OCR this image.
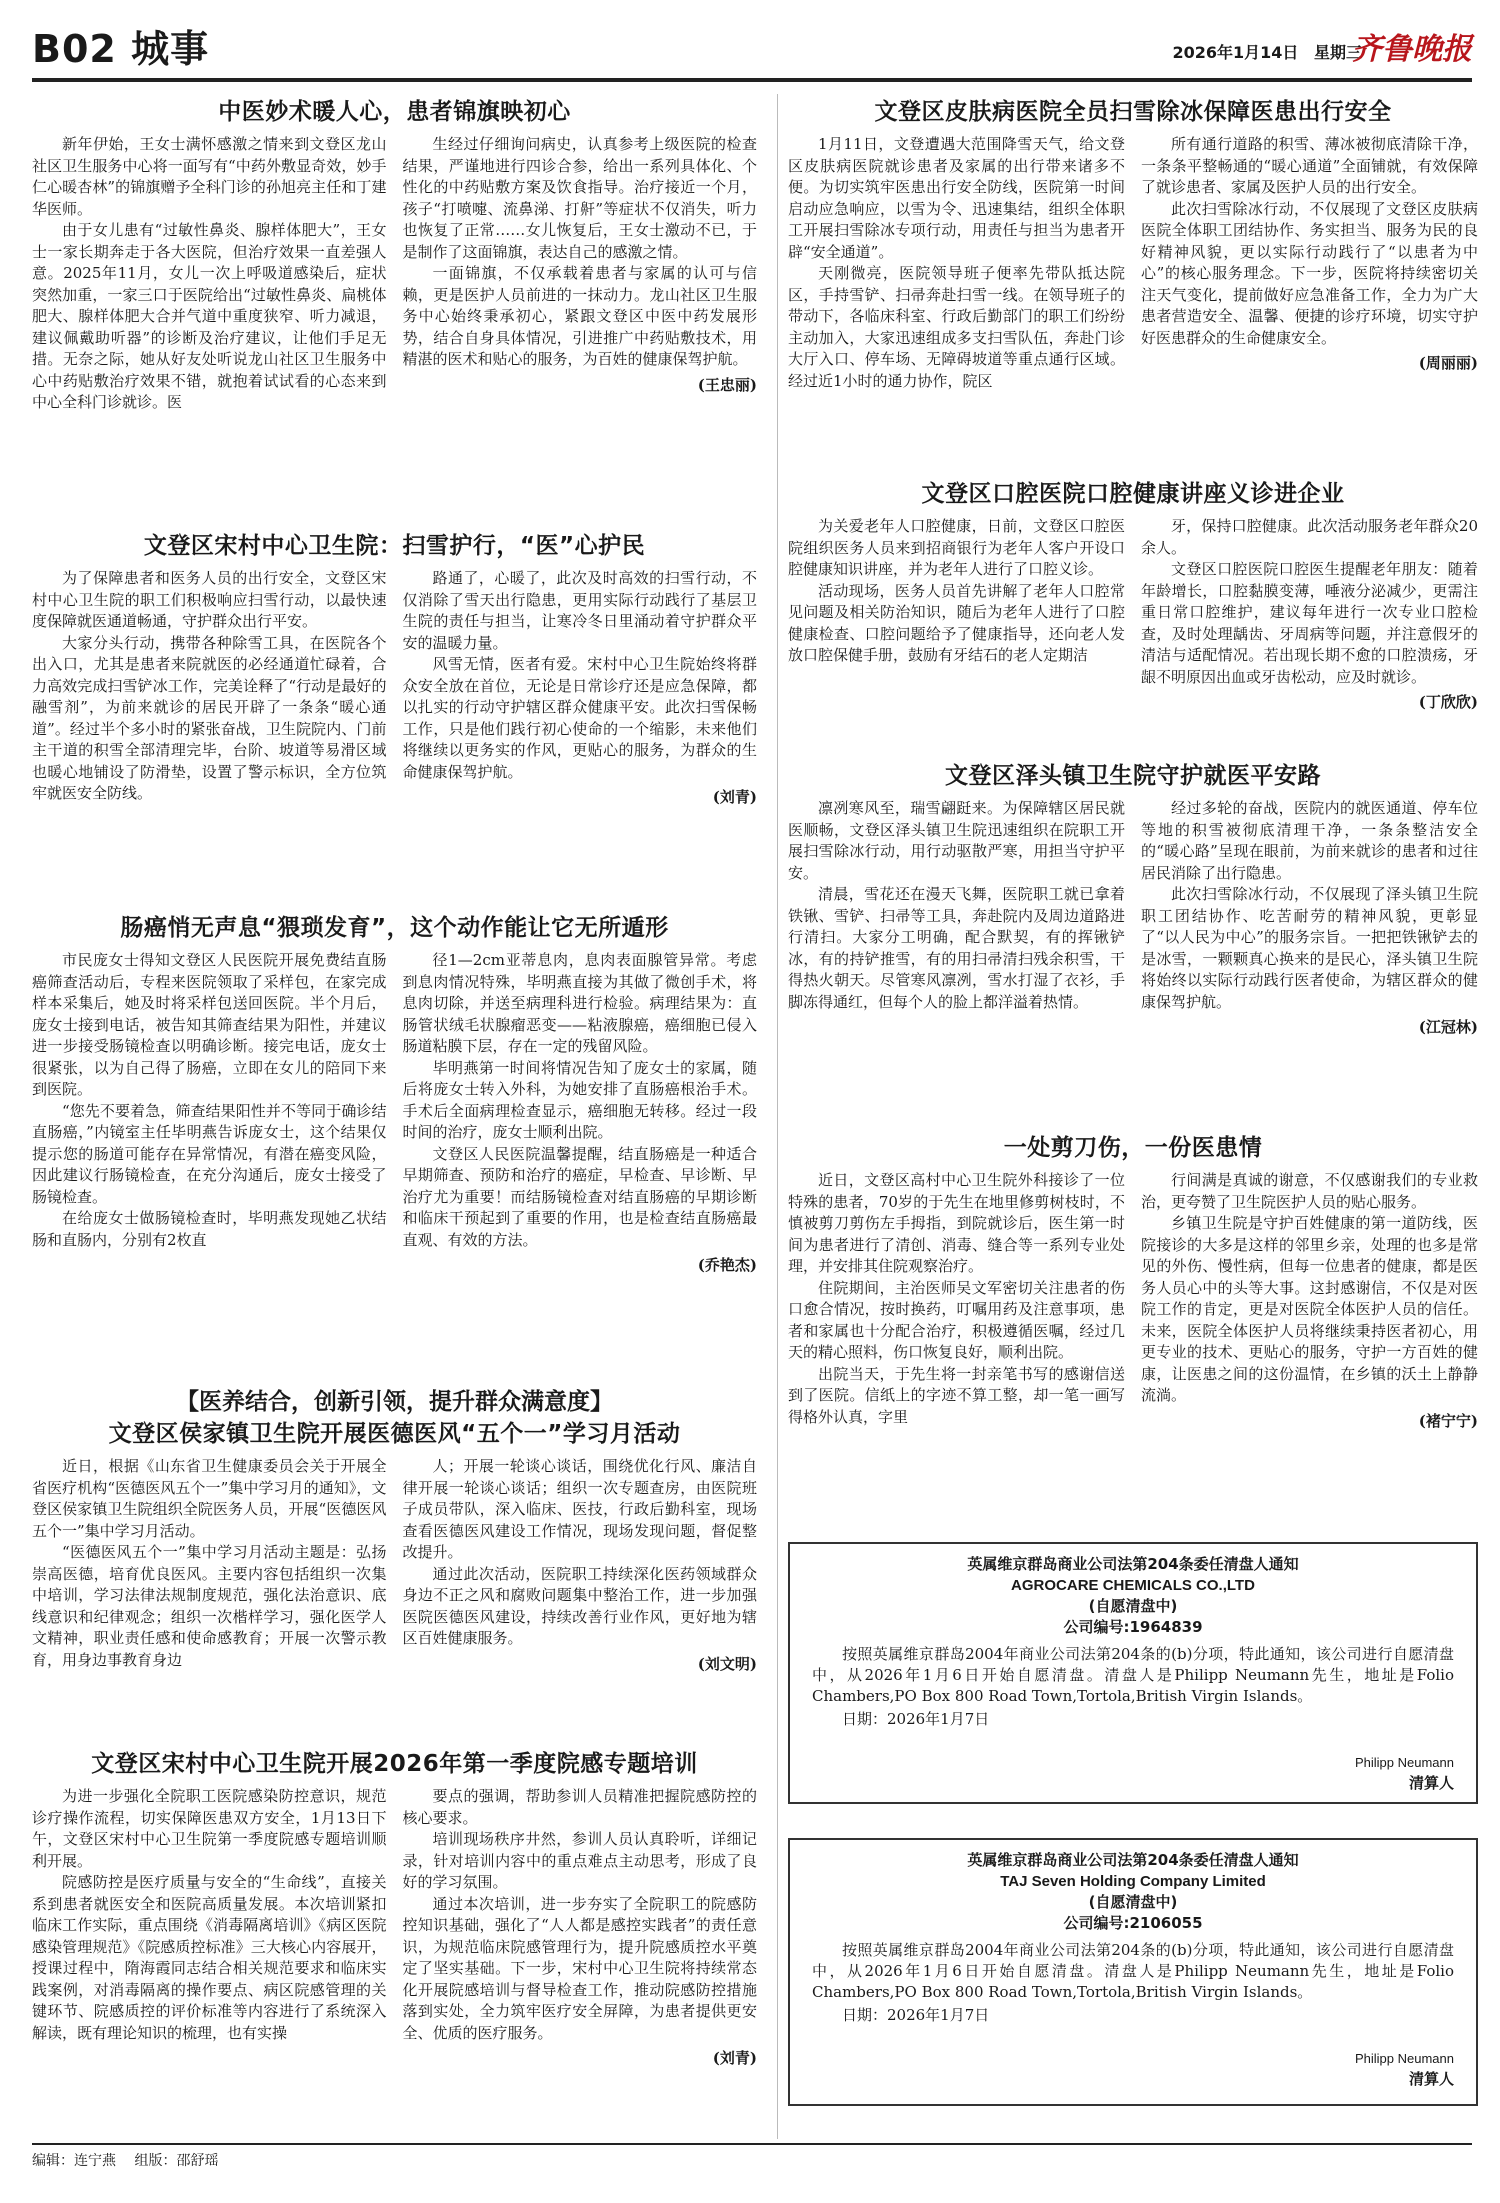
B02 城事	2026年1月14日 星期三
齐鲁晚报
中医妙术暖人心，患者锦旗映初心

新年伊始，王女士满怀感激之情来到文登区龙山社区卫生服务中心将一面写有“中药外敷显奇效，妙手仁心暖杏林”的锦旗赠予全科门诊的孙旭亮主任和丁建华医师。

由于女儿患有“过敏性鼻炎、腺样体肥大”，王女士一家长期奔走于各大医院，但治疗效果一直差强人意。2025年11月，女儿一次上呼吸道感染后，症状突然加重，一家三口于医院给出“过敏性鼻炎、扁桃体肥大、腺样体肥大合并气道中重度狭窄、听力减退，建议佩戴助听器”的诊断及治疗建议，让他们手足无措。无奈之际，她从好友处听说龙山社区卫生服务中心中药贴敷治疗效果不错，就抱着试试看的心态来到中心全科门诊就诊。医

生经过仔细询问病史，认真参考上级医院的检查结果，严谨地进行四诊合参，给出一系列具体化、个性化的中药贴敷方案及饮食指导。治疗接近一个月，孩子“打喷嚏、流鼻涕、打鼾”等症状不仅消失，听力也恢复了正常……女儿恢复后，王女士激动不已，于是制作了这面锦旗，表达自己的感激之情。

一面锦旗，不仅承载着患者与家属的认可与信赖，更是医护人员前进的一抹动力。龙山社区卫生服务中心始终秉承初心，紧跟文登区中医中药发展形势，结合自身具体情况，引进推广中药贴敷技术，用精湛的医术和贴心的服务，为百姓的健康保驾护航。

(王忠丽)
文登区宋村中心卫生院：扫雪护行，“医”心护民

为了保障患者和医务人员的出行安全，文登区宋村中心卫生院的职工们积极响应扫雪行动，以最快速度保障就医通道畅通，守护群众出行平安。

大家分头行动，携带各种除雪工具，在医院各个出入口，尤其是患者来院就医的必经通道忙碌着，合力高效完成扫雪铲冰工作，完美诠释了“行动是最好的融雪剂”，为前来就诊的居民开辟了一条条“暖心通道”。经过半个多小时的紧张奋战，卫生院院内、门前主干道的积雪全部清理完毕，台阶、坡道等易滑区域也暖心地铺设了防滑垫，设置了警示标识，全方位筑牢就医安全防线。

路通了，心暖了，此次及时高效的扫雪行动，不仅消除了雪天出行隐患，更用实际行动践行了基层卫生院的责任与担当，让寒冷冬日里涌动着守护群众平安的温暖力量。

风雪无情，医者有爱。宋村中心卫生院始终将群众安全放在首位，无论是日常诊疗还是应急保障，都以扎实的行动守护辖区群众健康平安。此次扫雪保畅工作，只是他们践行初心使命的一个缩影，未来他们将继续以更务实的作风，更贴心的服务，为群众的生命健康保驾护航。

(刘青)
肠癌悄无声息“猥琐发育”，这个动作能让它无所遁形

市民庞女士得知文登区人民医院开展免费结直肠癌筛查活动后，专程来医院领取了采样包，在家完成样本采集后，她及时将采样包送回医院。半个月后，庞女士接到电话，被告知其筛查结果为阳性，并建议进一步接受肠镜检查以明确诊断。接完电话，庞女士很紧张，以为自己得了肠癌，立即在女儿的陪同下来到医院。

“您先不要着急，筛查结果阳性并不等同于确诊结直肠癌，”内镜室主任毕明燕告诉庞女士，这个结果仅提示您的肠道可能存在异常情况，有潜在癌变风险，因此建议行肠镜检查，在充分沟通后，庞女士接受了肠镜检查。

在给庞女士做肠镜检查时，毕明燕发现她乙状结肠和直肠内，分别有2枚直

径1—2cm亚蒂息肉，息肉表面腺管异常。考虑到息肉情况特殊，毕明燕直接为其做了微创手术，将息肉切除，并送至病理科进行检验。病理结果为：直肠管状绒毛状腺瘤恶变——粘液腺癌，癌细胞已侵入肠道粘膜下层，存在一定的残留风险。

毕明燕第一时间将情况告知了庞女士的家属，随后将庞女士转入外科，为她安排了直肠癌根治手术。手术后全面病理检查显示，癌细胞无转移。经过一段时间的治疗，庞女士顺利出院。

文登区人民医院温馨提醒，结直肠癌是一种适合早期筛查、预防和治疗的癌症，早检查、早诊断、早治疗尤为重要！而结肠镜检查对结直肠癌的早期诊断和临床干预起到了重要的作用，也是检查结直肠癌最直观、有效的方法。

(乔艳杰)
【医养结合，创新引领，提升群众满意度】
文登区侯家镇卫生院开展医德医风“五个一”学习月活动

近日，根据《山东省卫生健康委员会关于开展全省医疗机构“医德医风五个一”集中学习月的通知》，文登区侯家镇卫生院组织全院医务人员，开展“医德医风五个一”集中学习月活动。

“医德医风五个一”集中学习月活动主题是：弘扬崇高医德，培育优良医风。主要内容包括组织一次集中培训，学习法律法规制度规范，强化法治意识、底线意识和纪律观念；组织一次楷样学习，强化医学人文精神，职业责任感和使命感教育；开展一次警示教育，用身边事教育身边

人；开展一轮谈心谈话，围绕优化行风、廉洁自律开展一轮谈心谈话；组织一次专题查房，由医院班子成员带队，深入临床、医技，行政后勤科室，现场查看医德医风建设工作情况，现场发现问题，督促整改提升。

通过此次活动，医院职工持续深化医药领域群众身边不正之风和腐败问题集中整治工作，进一步加强医院医德医风建设，持续改善行业作风，更好地为辖区百姓健康服务。

(刘文明)
文登区宋村中心卫生院开展2026年第一季度院感专题培训

为进一步强化全院职工医院感染防控意识，规范诊疗操作流程，切实保障医患双方安全，1月13日下午，文登区宋村中心卫生院第一季度院感专题培训顺利开展。

院感防控是医疗质量与安全的“生命线”，直接关系到患者就医安全和医院高质量发展。本次培训紧扣临床工作实际，重点围绕《消毒隔离培训》《病区医院感染管理规范》《院感质控标准》三大核心内容展开，授课过程中，隋海霞同志结合相关规范要求和临床实践案例，对消毒隔离的操作要点、病区院感管理的关键环节、院感质控的评价标准等内容进行了系统深入解读，既有理论知识的梳理，也有实操

要点的强调，帮助参训人员精准把握院感防控的核心要求。

培训现场秩序井然，参训人员认真聆听，详细记录，针对培训内容中的重点难点主动思考，形成了良好的学习氛围。

通过本次培训，进一步夯实了全院职工的院感防控知识基础，强化了“人人都是感控实践者”的责任意识，为规范临床院感管理行为，提升院感质控水平奠定了坚实基础。下一步，宋村中心卫生院将持续常态化开展院感培训与督导检查工作，推动院感防控措施落到实处，全力筑牢医疗安全屏障，为患者提供更安全、优质的医疗服务。

(刘青)
文登区皮肤病医院全员扫雪除冰保障医患出行安全

1月11日，文登遭遇大范围降雪天气，给文登区皮肤病医院就诊患者及家属的出行带来诸多不便。为切实筑牢医患出行安全防线，医院第一时间启动应急响应，以雪为令、迅速集结，组织全体职工开展扫雪除冰专项行动，用责任与担当为患者开辟“安全通道”。

天刚微亮，医院领导班子便率先带队抵达院区，手持雪铲、扫帚奔赴扫雪一线。在领导班子的带动下，各临床科室、行政后勤部门的职工们纷纷主动加入，大家迅速组成多支扫雪队伍，奔赴门诊大厅入口、停车场、无障碍坡道等重点通行区域。经过近1小时的通力协作，院区

所有通行道路的积雪、薄冰被彻底清除干净，一条条平整畅通的“暖心通道”全面铺就，有效保障了就诊患者、家属及医护人员的出行安全。

此次扫雪除冰行动，不仅展现了文登区皮肤病医院全体职工团结协作、务实担当、服务为民的良好精神风貌，更以实际行动践行了“以患者为中心”的核心服务理念。下一步，医院将持续密切关注天气变化，提前做好应急准备工作，全力为广大患者营造安全、温馨、便捷的诊疗环境，切实守护好医患群众的生命健康安全。

(周丽丽)
文登区口腔医院口腔健康讲座义诊进企业

为关爱老年人口腔健康，日前，文登区口腔医院组织医务人员来到招商银行为老年人客户开设口腔健康知识讲座，并为老年人进行了口腔义诊。

活动现场，医务人员首先讲解了老年人口腔常见问题及相关防治知识，随后为老年人进行了口腔健康检查、口腔问题给予了健康指导，还向老人发放口腔保健手册，鼓励有牙结石的老人定期洁

牙，保持口腔健康。此次活动服务老年群众20余人。

文登区口腔医院口腔医生提醒老年朋友：随着年龄增长，口腔黏膜变薄，唾液分泌减少，更需注重日常口腔维护，建议每年进行一次专业口腔检查，及时处理龋齿、牙周病等问题，并注意假牙的清洁与适配情况。若出现长期不愈的口腔溃疡，牙龈不明原因出血或牙齿松动，应及时就诊。

(丁欣欣)
文登区泽头镇卫生院守护就医平安路

凛冽寒风至，瑞雪翩跹来。为保障辖区居民就医顺畅，文登区泽头镇卫生院迅速组织在院职工开展扫雪除冰行动，用行动驱散严寒，用担当守护平安。

清晨，雪花还在漫天飞舞，医院职工就已拿着铁锹、雪铲、扫帚等工具，奔赴院内及周边道路进行清扫。大家分工明确，配合默契，有的挥锹铲冰，有的持铲推雪，有的用扫帚清扫残余积雪，干得热火朝天。尽管寒风凛冽，雪水打湿了衣衫，手脚冻得通红，但每个人的脸上都洋溢着热情。

经过多轮的奋战，医院内的就医通道、停车位等地的积雪被彻底清理干净，一条条整洁安全的“暖心路”呈现在眼前，为前来就诊的患者和过往居民消除了出行隐患。

此次扫雪除冰行动，不仅展现了泽头镇卫生院职工团结协作、吃苦耐劳的精神风貌，更彰显了“以人民为中心”的服务宗旨。一把把铁锹铲去的是冰雪，一颗颗真心换来的是民心，泽头镇卫生院将始终以实际行动践行医者使命，为辖区群众的健康保驾护航。

(江冠林)
一处剪刀伤，一份医患情

近日，文登区高村中心卫生院外科接诊了一位特殊的患者，70岁的于先生在地里修剪树枝时，不慎被剪刀剪伤左手拇指，到院就诊后，医生第一时间为患者进行了清创、消毒、缝合等一系列专业处理，并安排其住院观察治疗。

住院期间，主治医师吴文军密切关注患者的伤口愈合情况，按时换药，叮嘱用药及注意事项，患者和家属也十分配合治疗，积极遵循医嘱，经过几天的精心照料，伤口恢复良好，顺利出院。

出院当天，于先生将一封亲笔书写的感谢信送到了医院。信纸上的字迹不算工整，却一笔一画写得格外认真，字里

行间满是真诚的谢意，不仅感谢我们的专业救治，更夸赞了卫生院医护人员的贴心服务。

乡镇卫生院是守护百姓健康的第一道防线，医院接诊的大多是这样的邻里乡亲，处理的也多是常见的外伤、慢性病，但每一位患者的健康，都是医务人员心中的头等大事。这封感谢信，不仅是对医院工作的肯定，更是对医院全体医护人员的信任。未来，医院全体医护人员将继续秉持医者初心，用更专业的技术、更贴心的服务，守护一方百姓的健康，让医患之间的这份温情，在乡镇的沃土上静静流淌。

(褚宁宁)
英属维京群岛商业公司法第204条委任清盘人通知
AGROCARE CHEMICALS CO.,LTD
(自愿清盘中)
公司编号:1964839

按照英属维京群岛2004年商业公司法第204条的(b)分项，特此通知，该公司进行自愿清盘中，从2026年1月6日开始自愿清盘。清盘人是Philipp Neumann先生，地址是Folio Chambers,PO Box 800 Road Town,Tortola,British Virgin Islands。

日期：2026年1月7日
Philipp Neumann
清算人
英属维京群岛商业公司法第204条委任清盘人通知
TAJ Seven Holding Company Limited
(自愿清盘中)
公司编号:2106055

按照英属维京群岛2004年商业公司法第204条的(b)分项，特此通知，该公司进行自愿清盘中，从2026年1月6日开始自愿清盘。清盘人是Philipp Neumann先生，地址是Folio Chambers,PO Box 800 Road Town,Tortola,British Virgin Islands。

日期：2026年1月7日
Philipp Neumann
清算人
编辑：连宁燕 组版：邵舒瑶
